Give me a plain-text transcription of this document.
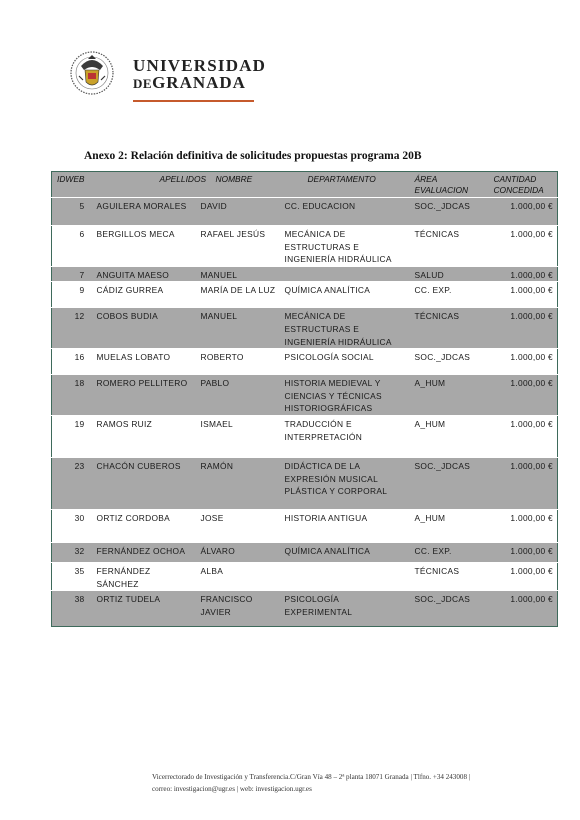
UNIVERSIDAD
DEGRANADA
Anexo 2: Relación definitiva de solicitudes propuestas programa 20B
IDWEB	APELLIDOS	NOMBRE	DEPARTAMENTO	ÁREA EVALUACION	CANTIDAD CONCEDIDA
5	AGUILERA MORALES	DAVID	CC. EDUCACION	SOC._JDCAS	1.000,00 €
6	BERGILLOS MECA	RAFAEL JESÚS	MECÁNICA DE ESTRUCTURAS E INGENIERÍA HIDRÁULICA	TÉCNICAS	1.000,00 €
7	ANGUITA MAESO	MANUEL		SALUD	1.000,00 €
9	CÁDIZ GURREA	MARÍA DE LA LUZ	QUÍMICA ANALÍTICA	CC. EXP.	1.000,00 €
12	COBOS BUDIA	MANUEL	MECÁNICA DE ESTRUCTURAS E INGENIERÍA HIDRÁULICA	TÉCNICAS	1.000,00 €
16	MUELAS LOBATO	ROBERTO	PSICOLOGÍA SOCIAL	SOC._JDCAS	1.000,00 €
18	ROMERO PELLITERO	PABLO	HISTORIA MEDIEVAL Y CIENCIAS Y TÉCNICAS HISTORIOGRÁFICAS	A_HUM	1.000,00 €
19	RAMOS RUIZ	ISMAEL	TRADUCCIÓN E INTERPRETACIÓN	A_HUM	1.000,00 €
23	CHACÓN CUBEROS	RAMÓN	DIDÁCTICA DE LA EXPRESIÓN MUSICAL PLÁSTICA Y CORPORAL	SOC._JDCAS	1.000,00 €
30	ORTIZ CORDOBA	JOSE	HISTORIA ANTIGUA	A_HUM	1.000,00 €
32	FERNÁNDEZ OCHOA	ÁLVARO	QUÍMICA ANALÍTICA	CC. EXP.	1.000,00 €
35	FERNÁNDEZ SÁNCHEZ	ALBA		TÉCNICAS	1.000,00 €
38	ORTIZ TUDELA	FRANCISCO JAVIER	PSICOLOGÍA EXPERIMENTAL	SOC._JDCAS	1.000,00 €
Vicerrectorado de Investigación y Transferencia.C/Gran Vía 48 – 2ª planta 18071 Granada | Tlfno. +34 243008 |
correo: investigacion@ugr.es | web: investigacion.ugr.es
